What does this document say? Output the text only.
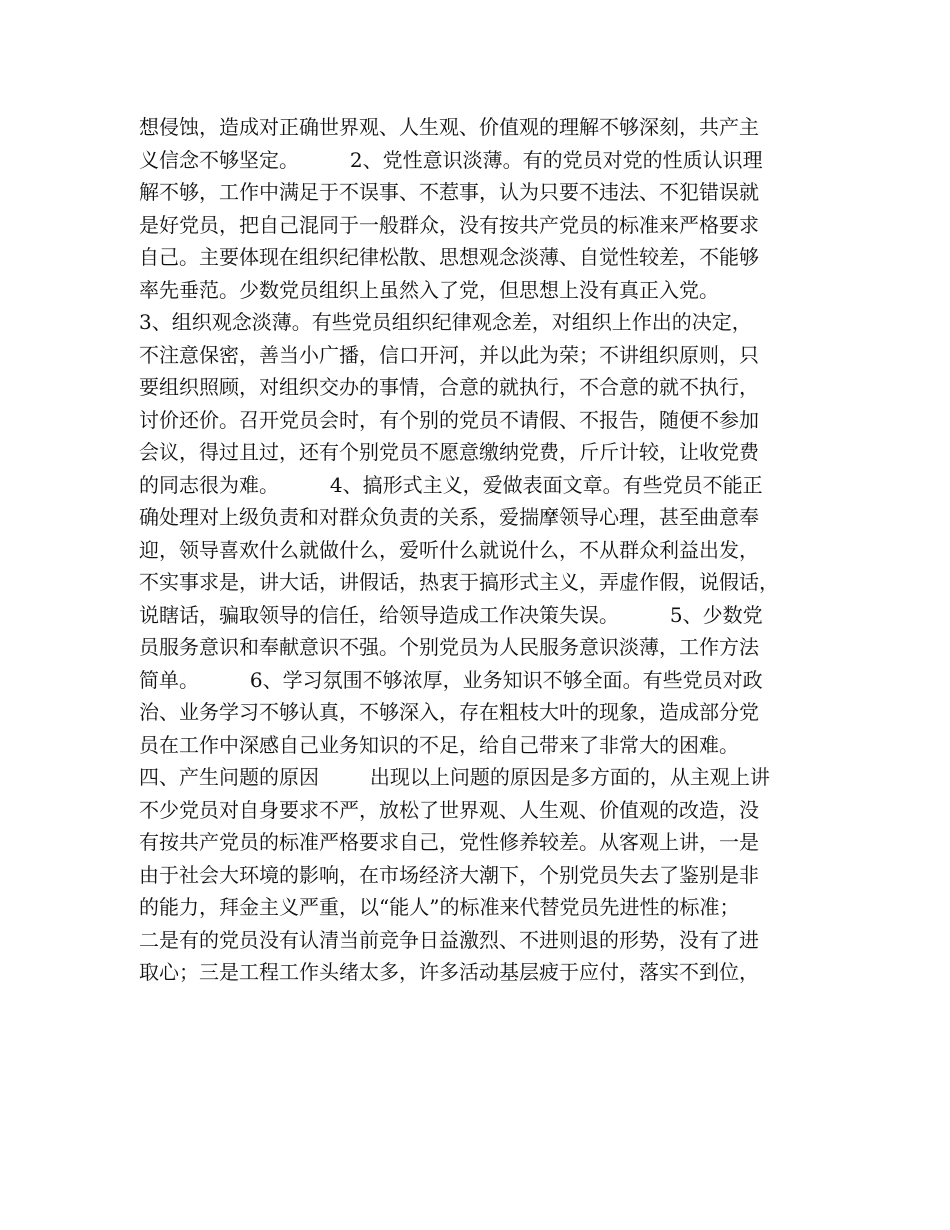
想侵蚀，造成对正确世界观、人生观、价值观的理解不够深刻，共产主
义信念不够坚定。        2、党性意识淡薄。有的党员对党的性质认识理
解不够，工作中满足于不误事、不惹事，认为只要不违法、不犯错误就
是好党员，把自己混同于一般群众，没有按共产党员的标准来严格要求
自己。主要体现在组织纪律松散、思想观念淡薄、自觉性较差，不能够
率先垂范。少数党员组织上虽然入了党，但思想上没有真正入党。
3、组织观念淡薄。有些党员组织纪律观念差，对组织上作出的决定，
不注意保密，善当小广播，信口开河，并以此为荣；不讲组织原则，只
要组织照顾，对组织交办的事情，合意的就执行，不合意的就不执行，
讨价还价。召开党员会时，有个别的党员不请假、不报告，随便不参加
会议，得过且过，还有个别党员不愿意缴纳党费，斤斤计较，让收党费
的同志很为难。        4、搞形式主义，爱做表面文章。有些党员不能正
确处理对上级负责和对群众负责的关系，爱揣摩领导心理，甚至曲意奉
迎，领导喜欢什么就做什么，爱听什么就说什么，不从群众利益出发，
不实事求是，讲大话，讲假话，热衷于搞形式主义，弄虚作假，说假话，
说瞎话，骗取领导的信任，给领导造成工作决策失误。        5、少数党
员服务意识和奉献意识不强。个别党员为人民服务意识淡薄，工作方法
简单。        6、学习氛围不够浓厚，业务知识不够全面。有些党员对政
治、业务学习不够认真，不够深入，存在粗枝大叶的现象，造成部分党
员在工作中深感自己业务知识的不足，给自己带来了非常大的困难。
四、产生问题的原因        出现以上问题的原因是多方面的，从主观上讲
不少党员对自身要求不严，放松了世界观、人生观、价值观的改造，没
有按共产党员的标准严格要求自己，党性修养较差。从客观上讲，一是
由于社会大环境的影响，在市场经济大潮下，个别党员失去了鉴别是非
的能力，拜金主义严重，以“能人”的标准来代替党员先进性的标准；
二是有的党员没有认清当前竞争日益激烈、不进则退的形势，没有了进
取心；三是工程工作头绪太多，许多活动基层疲于应付，落实不到位，
